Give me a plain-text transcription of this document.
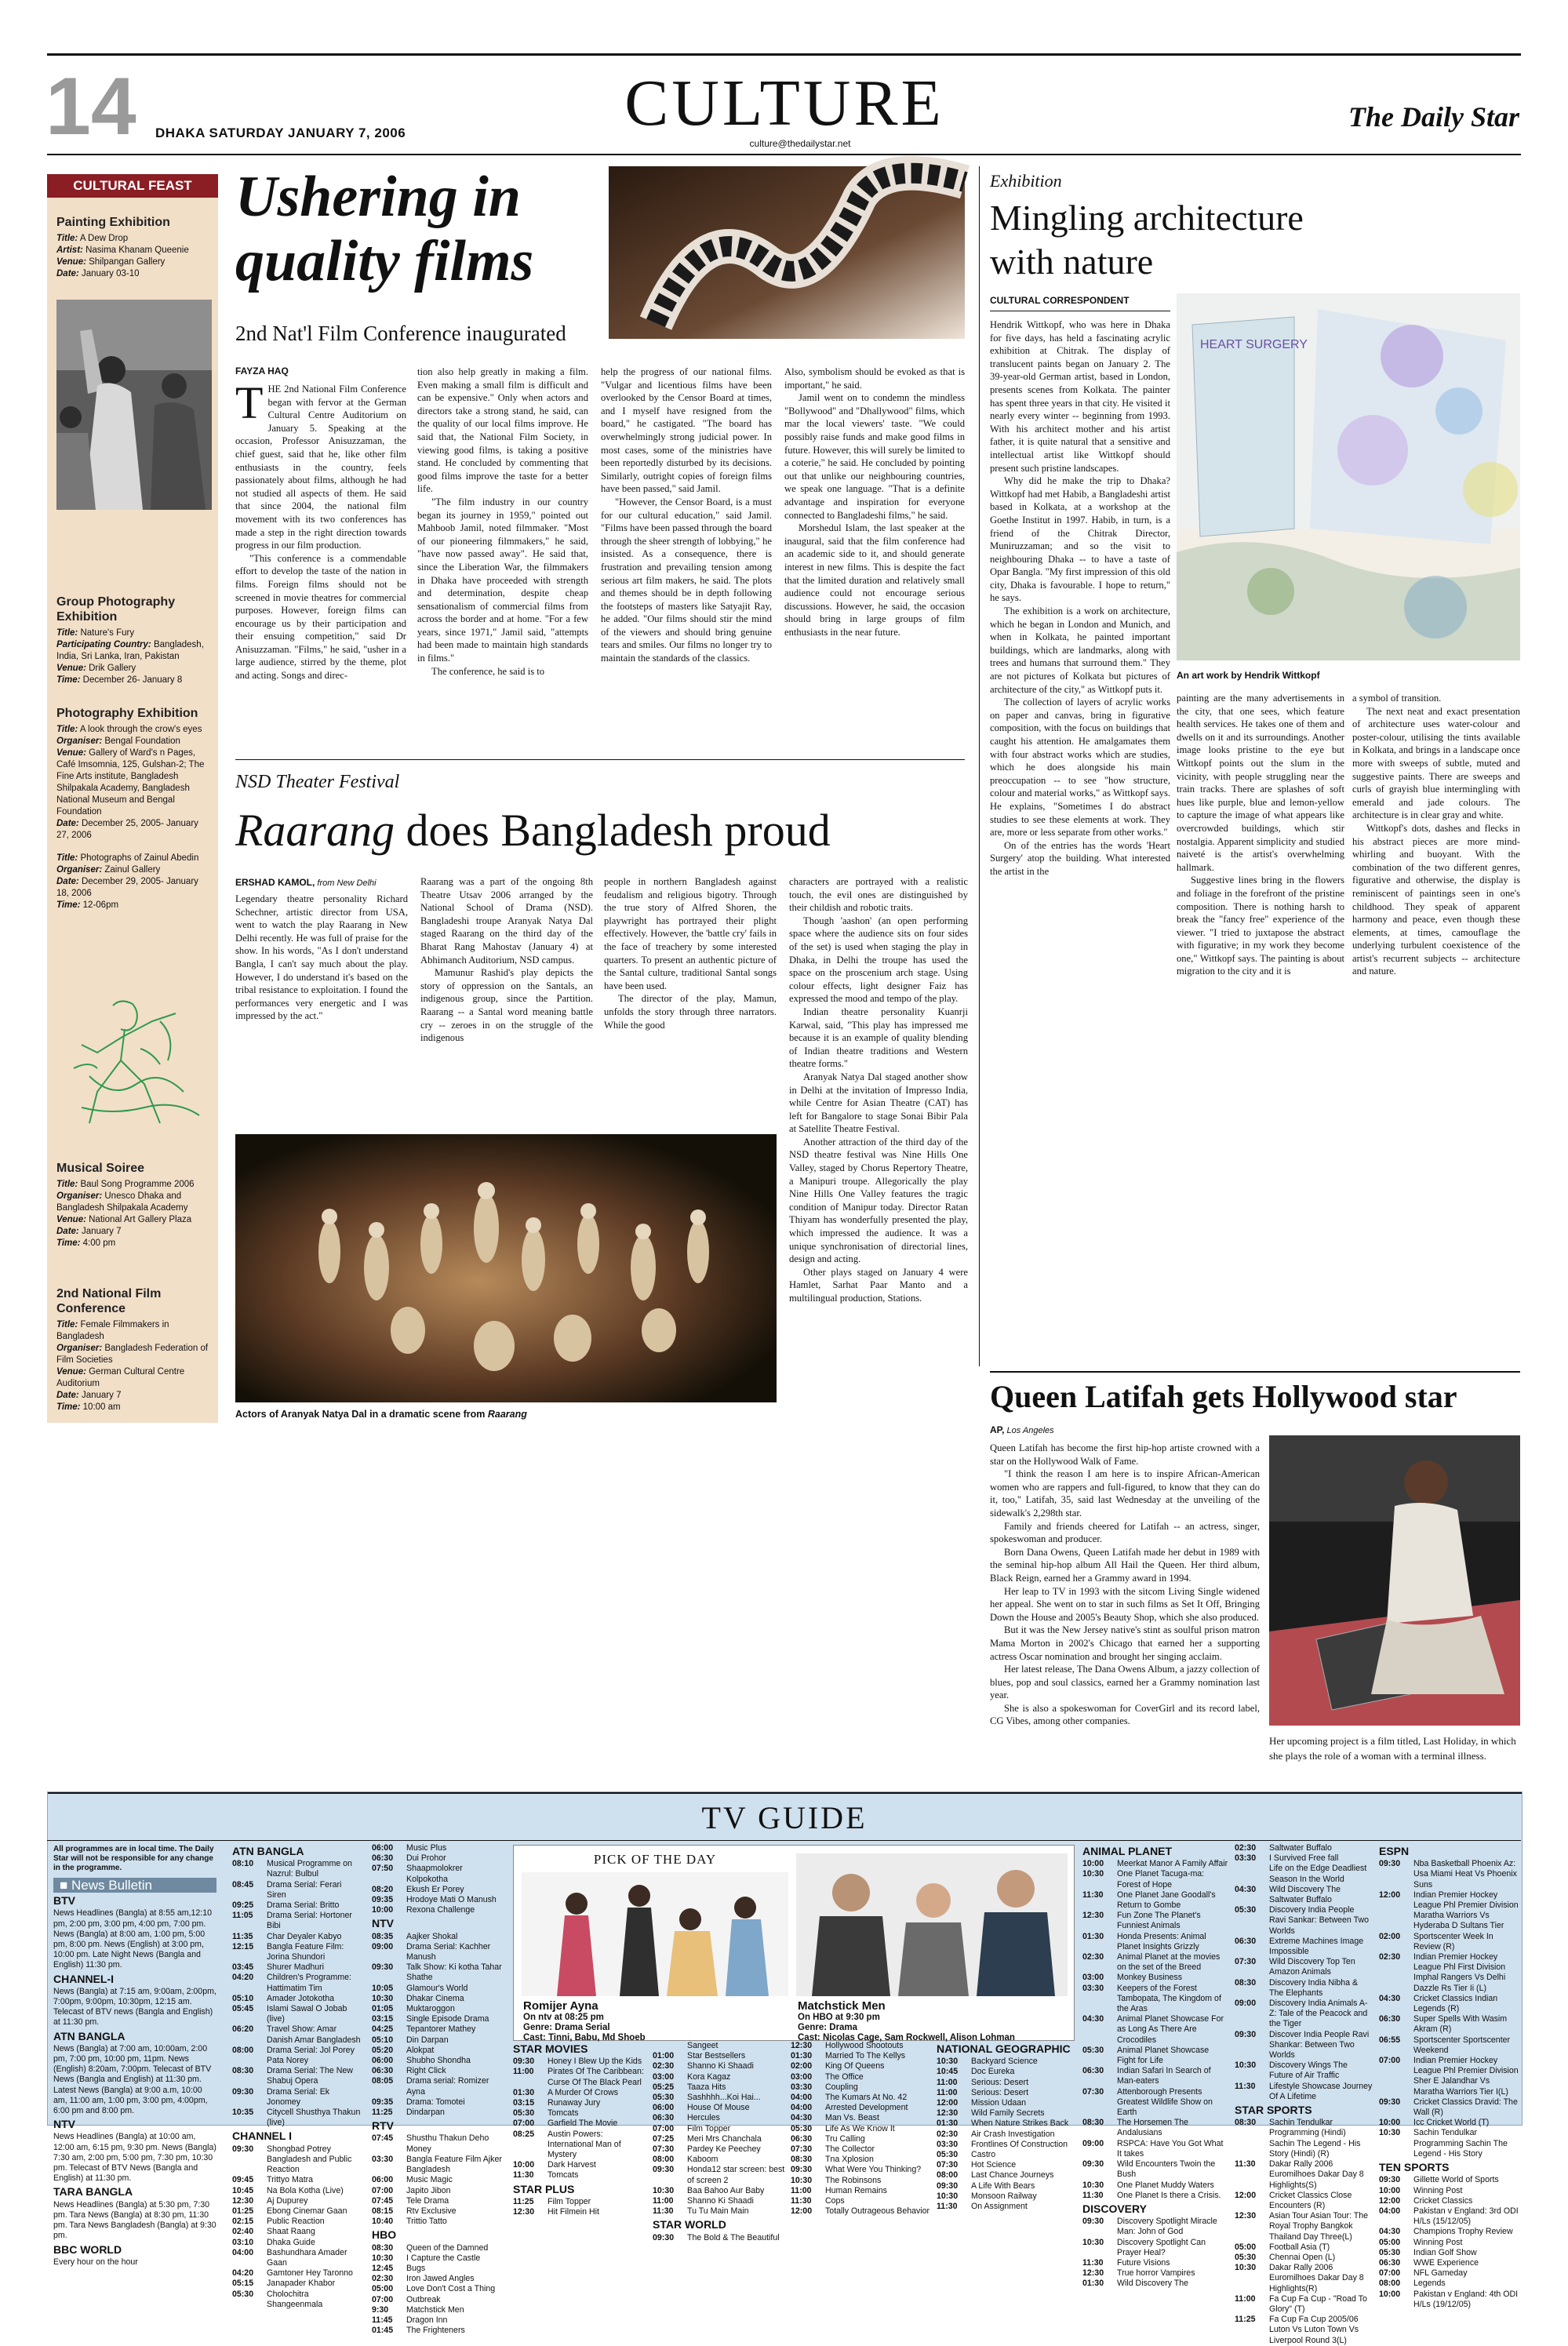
14 DHAKA SATURDAY JANUARY 7, 2006	CULTURE
culture@thedailystar.net
The Daily Star
CULTURAL FEAST
Painting Exhibition
Title: A Dew Drop
Artist: Nasima Khanam Queenie
Venue: Shilpangan Gallery
Date: January 03-10
Group Photography Exhibition
Title: Nature's Fury
Participating Country: Bangladesh, India, Sri Lanka, Iran, Pakistan
Venue: Drik Gallery
Time: December 26- January 8
Photography Exhibition
Title: A look through the crow's eyes
Organiser: Bengal Foundation
Venue: Gallery of Ward's n Pages, Café Imsomnia, 125, Gulshan-2; The Fine Arts institute, Bangladesh Shilpakala Academy, Bangladesh National Museum and Bengal Foundation
Date: December 25, 2005- January 27, 2006
Title: Photographs of Zainul Abedin
Organiser: Zainul Gallery
Date: December 29, 2005- January 18, 2006
Time: 12-06pm
Musical Soiree
Title: Baul Song Programme 2006
Organiser: Unesco Dhaka and Bangladesh Shilpakala Academy
Venue: National Art Gallery Plaza
Date: January 7
Time: 4:00 pm
2nd National Film Conference
Title: Female Filmmakers in Bangladesh
Organiser: Bangladesh Federation of Film Societies
Venue: German Cultural Centre Auditorium
Date: January 7
Time: 10:00 am
Ushering in quality films
2nd Nat'l Film Conference inaugurated
FAYZA HAQ

THE 2nd National Film Conference began with fervor at the German Cultural Centre Auditorium on January 5. Speaking at the occasion, Professor Anisuzzaman, the chief guest, said that he, like other film enthusiasts in the country, feels passionately about films, although he had not studied all aspects of them. He said that since 2004, the national film movement with its two conferences has made a step in the right direction towards progress in our film production.

"This conference is a commendable effort to develop the taste of the nation in films. Foreign films should not be screened in movie theatres for commercial purposes. However, foreign films can encourage us by their participation and their ensuing competition," said Dr Anisuzzaman. "Films," he said, "usher in a large audience, stirred by the theme, plot and acting. Songs and direc-

tion also help greatly in making a film. Even making a small film is difficult and can be expensive." Only when actors and directors take a strong stand, he said, can the quality of our local films improve. He said that, the National Film Society, in viewing good films, is taking a positive stand. He concluded by commenting that good films improve the taste for a better life.

"The film industry in our country began its journey in 1959," pointed out Mahboob Jamil, noted filmmaker. "Most of our pioneering filmmakers," he said, "have now passed away". He said that, since the Liberation War, the filmmakers in Dhaka have proceeded with strength and determination, despite cheap sensationalism of commercial films from across the border and at home. "For a few years, since 1971," Jamil said, "attempts had been made to maintain high standards in films."

The conference, he said is to

help the progress of our national films. "Vulgar and licentious films have been overlooked by the Censor Board at times, and I myself have resigned from the board," he castigated. "The board has overwhelmingly strong judicial power. In most cases, some of the ministries have been reportedly disturbed by its decisions. Similarly, outright copies of foreign films have been passed," said Jamil.

"However, the Censor Board, is a must for our cultural education," said Jamil. "Films have been passed through the board through the sheer strength of lobbying," he insisted. As a consequence, there is frustration and prevailing tension among serious art film makers, he said. The plots and themes should be in depth following the footsteps of masters like Satyajit Ray, he added. "Our films should stir the mind of the viewers and should bring genuine tears and smiles. Our films no longer try to maintain the standards of the classics.

Also, symbolism should be evoked as that is important," he said.

Jamil went on to condemn the mindless "Bollywood" and "Dhallywood" films, which mar the local viewers' taste. "We could possibly raise funds and make good films in future. However, this will surely be limited to a coterie," he said. He concluded by pointing out that unlike our neighbouring countries, we speak one language. "That is a definite advantage and inspiration for everyone connected to Bangladeshi films," he said.

Morshedul Islam, the last speaker at the inaugural, said that the film conference had an academic side to it, and should generate interest in new films. This is despite the fact that the limited duration and relatively small audience could not encourage serious discussions. However, he said, the occasion should bring in large groups of film enthusiasts in the near future.

Exhibition
Mingling architecture with nature
CULTURAL CORRESPONDENT

Hendrik Wittkopf, who was here in Dhaka for five days, has held a fascinating acrylic exhibition at Chitrak. The display of translucent paints began on January 2. The 39-year-old German artist, based in London, presents scenes from Kolkata. The painter has spent three years in that city. He visited it nearly every winter -- beginning from 1993. With his architect mother and his artist father, it is quite natural that a sensitive and intellectual artist like Wittkopf should present such pristine landscapes.

Why did he make the trip to Dhaka? Wittkopf had met Habib, a Bangladeshi artist based in Kolkata, at a workshop at the Goethe Institut in 1997. Habib, in turn, is a friend of the Chitrak Director, Muniruzzaman; and so the visit to neighbouring Dhaka -- to have a taste of Opar Bangla. "My first impression of this old city, Dhaka is favourable. I hope to return," he says.

The exhibition is a work on architecture, which he began in London and Munich, and when in Kolkata, he painted important buildings, which are landmarks, along with trees and humans that surround them." They are not pictures of Kolkata but pictures of architecture of the city," as Wittkopf puts it.

The collection of layers of acrylic works on paper and canvas, bring in figurative composition, with the focus on buildings that caught his attention. He amalgamates them with four abstract works which are studies, which he does alongside his main preoccupation -- to see "how structure, colour and material works," as Wittkopf says. He explains, "Sometimes I do abstract studies to see these elements at work. They are, more or less separate from other works."

On of the entries has the words 'Heart Surgery' atop the building. What interested the artist in the

HEART SURGERY
An art work by Hendrik Wittkopf

painting are the many advertisements in the city, that one sees, which feature health services. He takes one of them and dwells on it and its surroundings. Another image looks pristine to the eye but Wittkopf points out the slum in the vicinity, with people struggling near the train tracks. There are splashes of soft hues like purple, blue and lemon-yellow to capture the image of what appears like overcrowded buildings, which stir nostalgia. Apparent simplicity and studied naiveté is the artist's overwhelming hallmark.

Suggestive lines bring in the flowers and foliage in the forefront of the pristine composition. There is nothing harsh to break the "fancy free" experience of the viewer. "I tried to juxtapose the abstract with figurative; in my work they become one," Wittkopf says. The painting is about migration to the city and it is

a symbol of transition.

The next neat and exact presentation of architecture uses water-colour and poster-colour, utilising the tints available in Kolkata, and brings in a landscape once more with sweeps of subtle, muted and suggestive paints. There are sweeps and curls of grayish blue intermingling with emerald and jade colours. The architecture is in clear gray and white.

Wittkopf's dots, dashes and flecks in his abstract pieces are more mind-whirling and buoyant. With the combination of the two different genres, figurative and otherwise, the display is reminiscent of paintings seen in one's childhood. They speak of apparent harmony and peace, even though these elements, at times, camouflage the underlying turbulent coexistence of the artist's recurrent subjects -- architecture and nature.

NSD Theater Festival
Raarang does Bangladesh proud
ERSHAD KAMOL, from New Delhi

Legendary theatre personality Richard Schechner, artistic director from USA, went to watch the play Raarang in New Delhi recently. He was full of praise for the show. In his words, "As I don't understand Bangla, I can't say much about the play. However, I do understand it's based on the tribal resistance to exploitation. I found the performances very energetic and I was impressed by the act."

Raarang was a part of the ongoing 8th Theatre Utsav 2006 arranged by the National School of Drama (NSD). Bangladeshi troupe Aranyak Natya Dal staged Raarang on the third day of the Bharat Rang Mahostav (January 4) at Abhimanch Auditorium, NSD campus.

Mamunur Rashid's play depicts the story of oppression on the Santals, an indigenous group, since the Partition. Raarang -- a Santal word meaning battle cry -- zeroes in on the struggle of the indigenous

people in northern Bangladesh against feudalism and religious bigotry. Through the true story of Alfred Shoren, the playwright has portrayed their plight effectively. However, the 'battle cry' fails in the face of treachery by some interested quarters. To present an authentic picture of the Santal culture, traditional Santal songs have been used.

The director of the play, Mamun, unfolds the story through three narrators. While the good

characters are portrayed with a realistic touch, the evil ones are distinguished by their childish and robotic traits.

Though 'aashon' (an open performing space where the audience sits on four sides of the set) is used when staging the play in Dhaka, in Delhi the troupe has used the space on the proscenium arch stage. Using colour effects, light designer Faiz has expressed the mood and tempo of the play.

Indian theatre personality Kuanrji Karwal, said, "This play has impressed me because it is an example of quality blending of Indian theatre traditions and Western theatre forms."

Aranyak Natya Dal staged another show in Delhi at the invitation of Impresso India, while Centre for Asian Theatre (CAT) has left for Bangalore to stage Sonai Bibir Pala at Satellite Theatre Festival.

Another attraction of the third day of the NSD theatre festival was Nine Hills One Valley, staged by Chorus Repertory Theatre, a Manipuri troupe. Allegorically the play Nine Hills One Valley features the tragic condition of Manipur today. Director Ratan Thiyam has wonderfully presented the play, which impressed the audience. It was a unique synchronisation of directorial lines, design and acting.

Other plays staged on January 4 were Hamlet, Sarhat Paar Manto and a multilingual production, Stations.

Actors of Aranyak Natya Dal in a dramatic scene from Raarang	Queen Latifah gets Hollywood star
AP, Los Angeles

Queen Latifah has become the first hip-hop artiste crowned with a star on the Hollywood Walk of Fame.

"I think the reason I am here is to inspire African-American women who are rappers and full-figured, to know that they can do it, too," Latifah, 35, said last Wednesday at the unveiling of the sidewalk's 2,298th star.

Family and friends cheered for Latifah -- an actress, singer, spokeswoman and producer.

Born Dana Owens, Queen Latifah made her debut in 1989 with the seminal hip-hop album All Hail the Queen. Her third album, Black Reign, earned her a Grammy award in 1994.

Her leap to TV in 1993 with the sitcom Living Single widened her appeal. She went on to star in such films as Set It Off, Bringing Down the House and 2005's Beauty Shop, which she also produced.

But it was the New Jersey native's stint as soulful prison matron Mama Morton in 2002's Chicago that earned her a supporting actress Oscar nomination and brought her singing acclaim.

Her latest release, The Dana Owens Album, a jazzy collection of blues, pop and soul classics, earned her a Grammy nomination last year.

She is also a spokeswoman for CoverGirl and its record label, CG Vibes, among other companies.

Her upcoming project is a film titled, Last Holiday, in which she plays the role of a woman with a terminal illness.
TV GUIDE
All programmes are in local time. The Daily Star will not be responsible for any change in the programme.
■ News Bulletin
BTV
News Headlines (Bangla) at 8:55 am,12:10 pm, 2:00 pm, 3:00 pm, 4:00 pm, 7:00 pm. News (Bangla) at 8:00 am, 1:00 pm, 5:00 pm, 8:00 pm. News (English) at 3:00 pm, 10:00 pm. Late Night News (Bangla and English) 11:30 pm.
CHANNEL-I
News (Bangla) at 7:15 am, 9:00am, 2:00pm, 7:00pm, 9:00pm, 10:30pm, 12:15 am. Telecast of BTV news (Bangla and English) at 11:30 pm.
ATN BANGLA
News (Bangla) at 7:00 am, 10:00am, 2:00 pm, 7:00 pm, 10:00 pm, 11pm. News (English) 8:20am, 7:00pm. Telecast of BTV News (Bangla and English) at 11:30 pm. Latest News (Bangla) at 9:00 a.m, 10:00 am, 11:00 am, 1:00 pm, 3:00 pm, 4:00pm, 6:00 pm and 8:00 pm.
NTV
News Headlines (Bangla) at 10:00 am, 12:00 am, 6:15 pm, 9:30 pm. News (Bangla) 7:30 am, 2:00 pm, 5:00 pm, 7:30 pm, 10:30 pm. Telecast of BTV News (Bangla and English) at 11:30 pm.
TARA BANGLA
News Headlines (Bangla) at 5:30 pm, 7:30 pm. Tara News (Bangla) at 8:30 pm, 11:30 pm. Tara News Bangladesh (Bangla) at 9:30 pm.
BBC WORLD
Every hour on the hour
ATN BANGLA
08:10	Musical Programme on Nazrul: Bulbul
08:45	Drama Serial: Ferari Siren
09:25	Drama Serial: Britto
11:05	Drama Serial: Hortoner Bibi
11:35	Char Deyaler Kabyo
12:15	Bangla Feature Film: Jorina Shundori
03:45	Shurer Madhuri
04:20	Children's Programme: Hattimatim Tim
05:10	Amader Jotokotha
05:45	Islami Sawal O Jobab (live)
06:20	Travel Show: Amar Danish Amar Bangladesh
08:00	Drama Serial: Jol Porey Pata Norey
08:30	Drama Serial: The New Shabuj Opera
09:30	Drama Serial: Ek Jonomey
10:35	Citycell Shusthya Thakun (live)
CHANNEL I
09:30	Shongbad Potrey Bangladesh and Public Reaction
09:45	Trittyo Matra
10:45	Na Bola Kotha (Live)
12:30	Aj Dupurey
01:25	Ebong Cinemar Gaan
02:15	Public Reaction
02:40	Shaat Raang
03:10	Dhaka Guide
04:00	Bashundhara Amader Gaan
04:20	Gamtoner Hey Taronno
05:15	Janapader Khabor
05:30	Cholochitra Shangeenmala
06:00	Music Plus
06:30	Dui Prohor
07:50	Shaapmolokrer Kolpokotha
08:20	Ekush Er Porey
09:35	Hrodoye Mati O Manush
10:00	Rexona Challenge
NTV
08:35	Aajker Shokal
09:00	Drama Serial: Kachher Manush
09:30	Talk Show: Ki kotha Tahar Shathe
10:05	Glamour's World
10:30	Dhakar Cinema
01:05	Muktaroggon
03:15	Single Episode Drama
04:25	Tepantorer Mathey
05:10	Din Darpan
05:20	Alokpat
06:00	Shubho Shondha
06:30	Right Click
08:05	Drama serial: Romizer Ayna
09:35	Drama: Tomotei
11:25	Dindarpan
RTV
07:45	Shusthu Thakun Deho Money
03:30	Bangla Feature Film Ajker Bangladesh
06:00	Music Magic
07:00	Japito Jibon
07:45	Tele Drama
08:15	Rtv Exclusive
10:40	Trittio Tatto
HBO
08:30	Queen of the Damned
10:30	I Capture the Castle
12:45	Bugs
02:30	Iron Jawed Angles
05:00	Love Don't Cost a Thing
07:00	Outbreak
9:30	Matchstick Men
11:45	Dragon Inn
01:45	The Frighteners
PICK OF THE DAY
Romijer Ayna
On ntv at 08:25 pm
Genre: Drama Serial
Cast: Tinni, Babu, Md Shoeb
Matchstick Men
On HBO at 9:30 pm
Genre: Drama
Cast: Nicolas Cage, Sam Rockwell, Alison Lohman
STAR MOVIES
09:30	Honey I Blew Up the Kids
11:00	Pirates Of The Caribbean: Curse Of The Black Pearl
01:30	A Murder Of Crows
03:15	Runaway Jury
05:30	Tomcats
07:00	Garfield The Movie
08:25	Austin Powers: International Man of Mystery
10:00	Dark Harvest
11:30	Tomcats
STAR PLUS
11:25	Film Topper
12:30	Hit Filmein Hit
Sangeet
01:00	Star Bestsellers
02:30	Shanno Ki Shaadi
03:00	Kora Kagaz
05:25	Taaza Hits
05:30	Sashhhh...Koi Hai...
06:00	House Of Mouse
06:30	Hercules
07:00	Film Topper
07:25	Meri Mrs Chanchala
07:30	Pardey Ke Peechey
08:00	Kaboom
09:30	Honda12 star screen: best of screen 2
10:30	Baa Bahoo Aur Baby
11:00	Shanno Ki Shaadi
11:30	Tu Tu Main Main
STAR WORLD
09:30	The Bold & The Beautiful
12:30	Hollywood Shootouts
01:30	Married To The Kellys
02:00	King Of Queens
03:00	The Office
03:30	Coupling
04:00	The Kumars At No. 42
04:00	Arrested Development
04:30	Man Vs. Beast
05:30	Life As We Know It
06:30	Tru Calling
07:30	The Collector
08:30	Tna Xplosion
09:30	What Were You Thinking?
10:30	The Robinsons
11:00	Human Remains
11:30	Cops
12:00	Totally Outrageous Behavior
NATIONAL GEOGRAPHIC
10:30	Backyard Science
10:45	Doc Eureka
11:00	Serious: Desert
11:00	Serious: Desert
12:00	Mission Udaan
12:30	Wild Family Secrets
01:30	When Nature Strikes Back
02:30	Air Crash Investigation
03:30	Frontlines Of Construction
05:30	Castro
07:30	Hot Science
08:00	Last Chance Journeys
09:30	A Life With Bears
10:30	Monsoon Railway
11:30	On Assignment
ANIMAL PLANET
10:00	Meerkat Manor A Family Affair
10:30	One Planet Tacuga-ma: Forest of Hope
11:30	One Planet Jane Goodall's Return to Gombe
12:30	Fun Zone The Planet's Funniest Animals
01:30	Honda Presents: Animal Planet Insights Grizzly
02:30	Animal Planet at the movies on the set of the Breed
03:00	Monkey Business
03:30	Keepers of the Forest Tambopata, The Kingdom of the Aras
04:30	Animal Planet Showcase For as Long As There Are Crocodiles
05:30	Animal Planet Showcase Fight for Life
06:30	Indian Safari In Search of Man-eaters
07:30	Attenborough Presents Greatest Wildlife Show on Earth
08:30	The Horsemen The Andalusians
09:00	RSPCA: Have You Got What It takes
09:30	Wild Encounters Twoin the Bush
10:30	One Planet Muddy Waters
11:30	One Planet Is there a Crisis.
DISCOVERY
09:30	Discovery Spotlight Miracle Man: John of God
10:30	Discovery Spotlight Can Prayer Heal?
11:30	Future Visions
12:30	True horror Vampires
01:30	Wild Discovery The
02:30	Saltwater Buffalo
03:30	I Survived Free fall
Life on the Edge Deadliest Season In the World
04:30	Wild Discovery The Saltwater Buffalo
05:30	Discovery India People Ravi Sankar: Between Two Worlds
06:30	Extreme Machines Image Impossible
07:30	Wild Discovery Top Ten Amazon Animals
08:30	Discovery India Nibha & The Elephants
09:00	Discovery India Animals A-Z: Tale of the Peacock and the Tiger
09:30	Discover India People Ravi Shankar: Between Two Worlds
10:30	Discovery Wings The Future of Air Traffic
11:30	Lifestyle Showcase Journey Of A Lifetime
STAR SPORTS
08:30	Sachin Tendulkar Programming (Hindi) Sachin The Legend - His Story (Hindi) (R)
11:30	Dakar Rally 2006 Euromilhoes Dakar Day 8 Highlights(S)
12:00	Cricket Classics Close Encounters (R)
12:30	Asian Tour Asian Tour: The Royal Trophy Bangkok
Thailand Day Three(L)
05:00	Football Asia (T)
05:30	Chennai Open (L)
10:30	Dakar Rally 2006 Euromilhoes Dakar Day 8 Highlights(R)
11:00	Fa Cup Fa Cup - "Road To Glory" (T)
11:25	Fa Cup Fa Cup 2005/06 Luton Vs Luton Town Vs Liverpool Round 3(L)
ESPN
09:30	Nba Basketball Phoenix Az: Usa Miami Heat Vs Phoenix Suns
12:00	Indian Premier Hockey League Phl Premier Division Maratha Warriors Vs Hyderaba D Sultans Tier
02:00	Sportscenter Week In Review (R)
02:30	Indian Premier Hockey League Phl First Division Imphal Rangers Vs Delhi Dazzle Rs Tier Ii (L)
04:30	Cricket Classics Indian Legends (R)
06:30	Super Spells With Wasim Akram (R)
06:55	Sportscenter Sportscenter Weekend
07:00	Indian Premier Hockey League Phl Premier Division Sher E Jalandhar Vs Maratha Warriors Tier I(L)
09:30	Cricket Classics Dravid: The Wall (R)
10:00	Icc Cricket World (T)
10:30	Sachin Tendulkar Programming Sachin The Legend - His Story
TEN SPORTS
09:30	Gillette World of Sports
10:00	Winning Post
12:00	Cricket Classics
04:00	Pakistan v England: 3rd ODI H/Ls (15/12/05)
04:30	Champions Trophy Review
05:00	Winning Post
05:30	Indian Golf Show
06:30	WWE Experience
07:00	NFL Gameday
08:00	Legends
10:00	Pakistan v England: 4th ODI H/Ls (19/12/05)
